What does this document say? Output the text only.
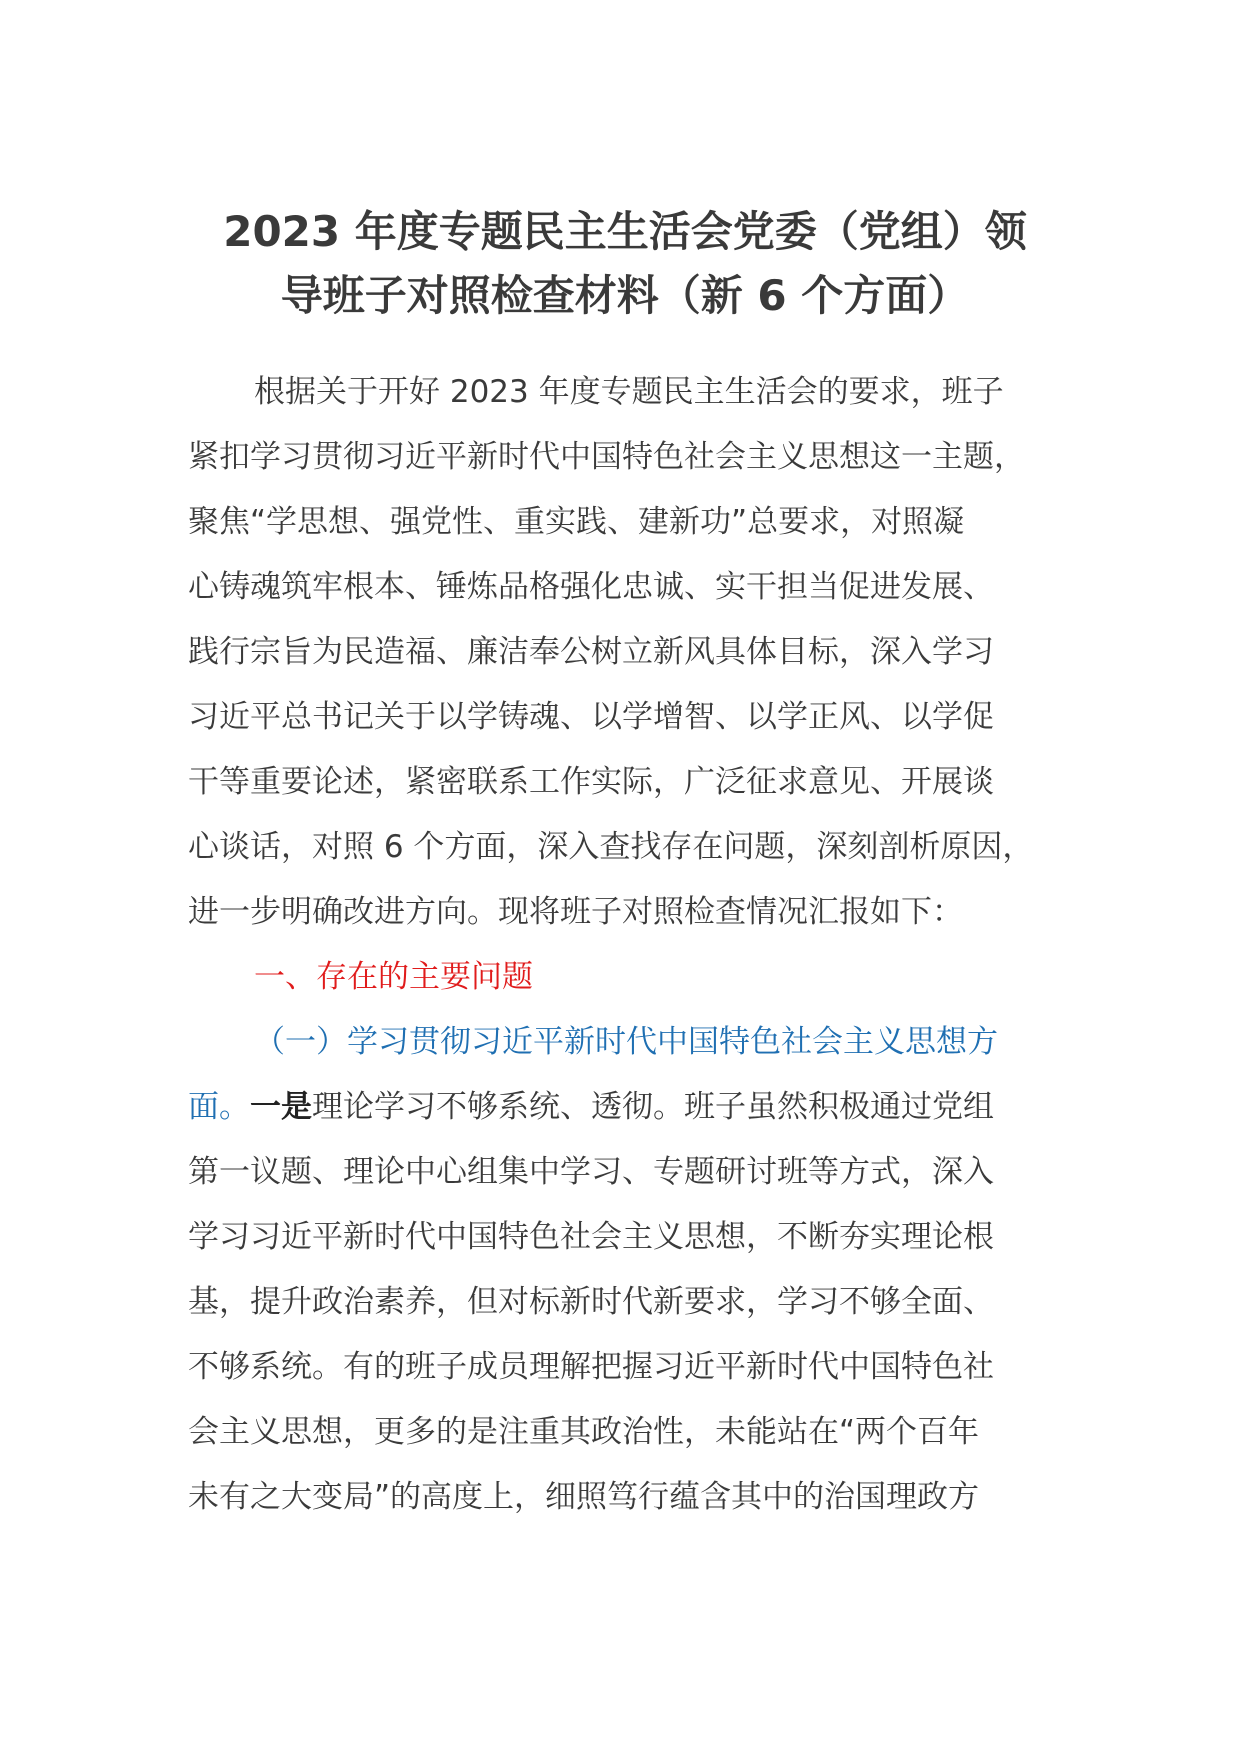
2023 年度专题民主生活会党委（党组）领
导班子对照检查材料（新 6 个方面）
根据关于开好 2023 年度专题民主生活会的要求，班子
紧扣学习贯彻习近平新时代中国特色社会主义思想这一主题，
聚焦“学思想、强党性、重实践、建新功”总要求，对照凝
心铸魂筑牢根本、锤炼品格强化忠诚、实干担当促进发展、
践行宗旨为民造福、廉洁奉公树立新风具体目标，深入学习
习近平总书记关于以学铸魂、以学增智、以学正风、以学促
干等重要论述，紧密联系工作实际，广泛征求意见、开展谈
心谈话，对照 6 个方面，深入查找存在问题，深刻剖析原因，
进一步明确改进方向。现将班子对照检查情况汇报如下：
一、存在的主要问题
（一）学习贯彻习近平新时代中国特色社会主义思想方
面。一是理论学习不够系统、透彻。班子虽然积极通过党组
第一议题、理论中心组集中学习、专题研讨班等方式，深入
学习习近平新时代中国特色社会主义思想，不断夯实理论根
基，提升政治素养，但对标新时代新要求，学习不够全面、
不够系统。有的班子成员理解把握习近平新时代中国特色社
会主义思想，更多的是注重其政治性，未能站在“两个百年
未有之大变局”的高度上，细照笃行蕴含其中的治国理政方
